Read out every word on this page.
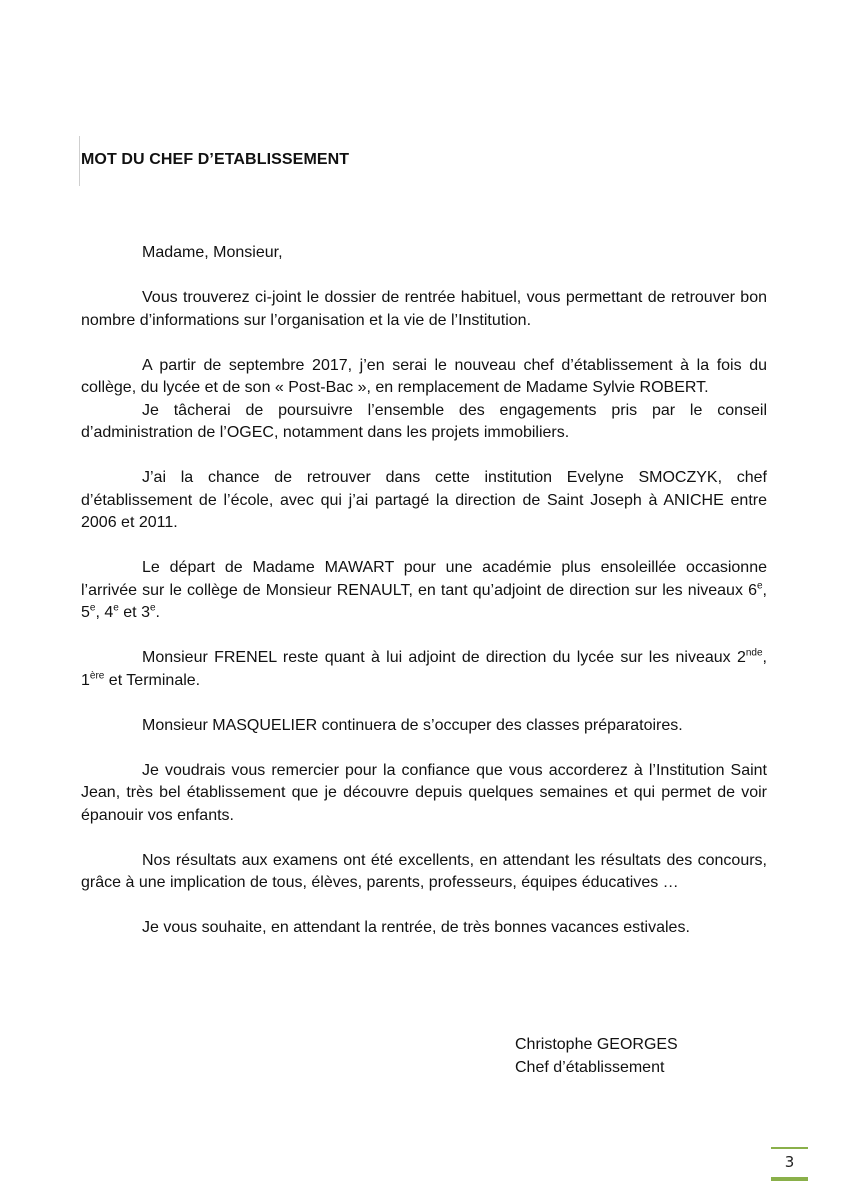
MOT DU CHEF D’ETABLISSEMENT

Madame, Monsieur,

Vous trouverez ci-joint le dossier de rentrée habituel, vous permettant de retrouver bon nombre d’informations sur l’organisation et la vie de l’Institution.

A partir de septembre 2017, j’en serai le nouveau chef d’établissement à la fois du collège, du lycée et de son « Post-Bac », en remplacement de Madame Sylvie ROBERT.

Je tâcherai de poursuivre l’ensemble des engagements pris par le conseil d’administration de l’OGEC, notamment dans les projets immobiliers.

J’ai la chance de retrouver dans cette institution Evelyne SMOCZYK, chef d’établissement de l’école, avec qui j’ai partagé la direction de Saint Joseph à ANICHE entre 2006 et 2011.

Le départ de Madame MAWART pour une académie plus ensoleillée occasionne l’arrivée sur le collège de Monsieur RENAULT, en tant qu’adjoint de direction sur les niveaux 6e, 5e, 4e et 3e.

Monsieur FRENEL reste quant à lui adjoint de direction du lycée sur les niveaux 2nde, 1ère et Terminale.

Monsieur MASQUELIER continuera de s’occuper des classes préparatoires.

Je voudrais vous remercier pour la confiance que vous accorderez à l’Institution Saint Jean, très bel établissement que je découvre depuis quelques semaines et qui permet de voir épanouir vos enfants.

Nos résultats aux examens ont été excellents, en attendant les résultats des concours, grâce à une implication de tous, élèves, parents, professeurs, équipes éducatives …

Je vous souhaite, en attendant la rentrée, de très bonnes vacances estivales.

Christophe GEORGES
Chef d’établissement
3
